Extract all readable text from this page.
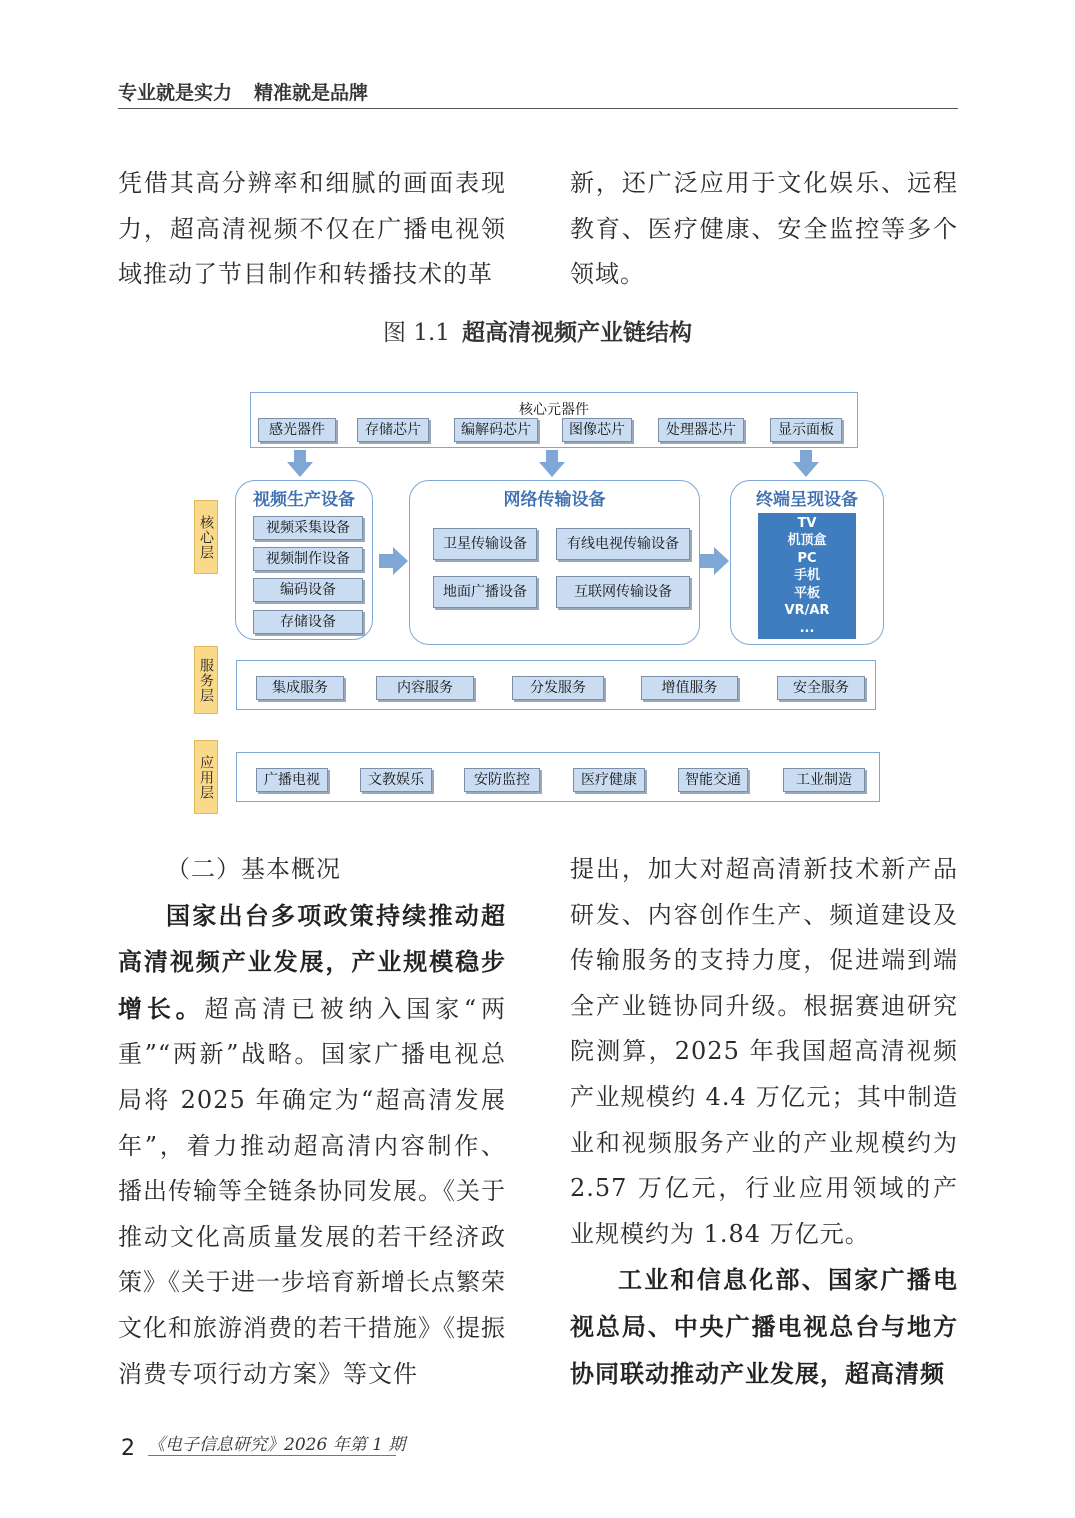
专业就是实力 精准就是品牌

凭借其高分辨率和细腻的画面表现力，超高清视频不仅在广播电视领域推动了节目制作和转播技术的革

新，还广泛应用于文化娱乐、远程教育、医疗健康、安全监控等多个领域。

图 1.1 超高清视频产业链结构
核心元器件
感光器件	存储芯片	编解码芯片	图像芯片	处理器芯片	显示面板
核心层
服务层
应用层
视频生产设备
视频采集设备
视频制作设备
编码设备
存储设备
网络传输设备
卫星传输设备	有线电视传输设备
地面广播设备	互联网传输设备
终端呈现设备
TV
机顶盒
PC
手机
平板
VR/AR
...
集成服务	内容服务	分发服务	增值服务	安全服务
广播电视	文教娱乐	安防监控	医疗健康	智能交通	工业制造

（二）基本概况

国家出台多项政策持续推动超高清视频产业发展，产业规模稳步增长。超高清已被纳入国家“两重”“两新”战略。国家广播电视总局将 2025 年确定为“超高清发展年”，着力推动超高清内容制作、播出传输等全链条协同发展。《关于推动文化高质量发展的若干经济政策》《关于进一步培育新增长点繁荣文化和旅游消费的若干措施》《提振消费专项行动方案》等文件

提出，加大对超高清新技术新产品研发、内容创作生产、频道建设及传输服务的支持力度，促进端到端全产业链协同升级。根据赛迪研究院测算，2025 年我国超高清视频产业规模约 4.4 万亿元；其中制造业和视频服务产业的产业规模约为 2.57 万亿元，行业应用领域的产业规模约为 1.84 万亿元。

工业和信息化部、国家广播电视总局、中央广播电视总台与地方协同联动推动产业发展，超高清频

2 《电子信息研究》2026 年第 1 期
